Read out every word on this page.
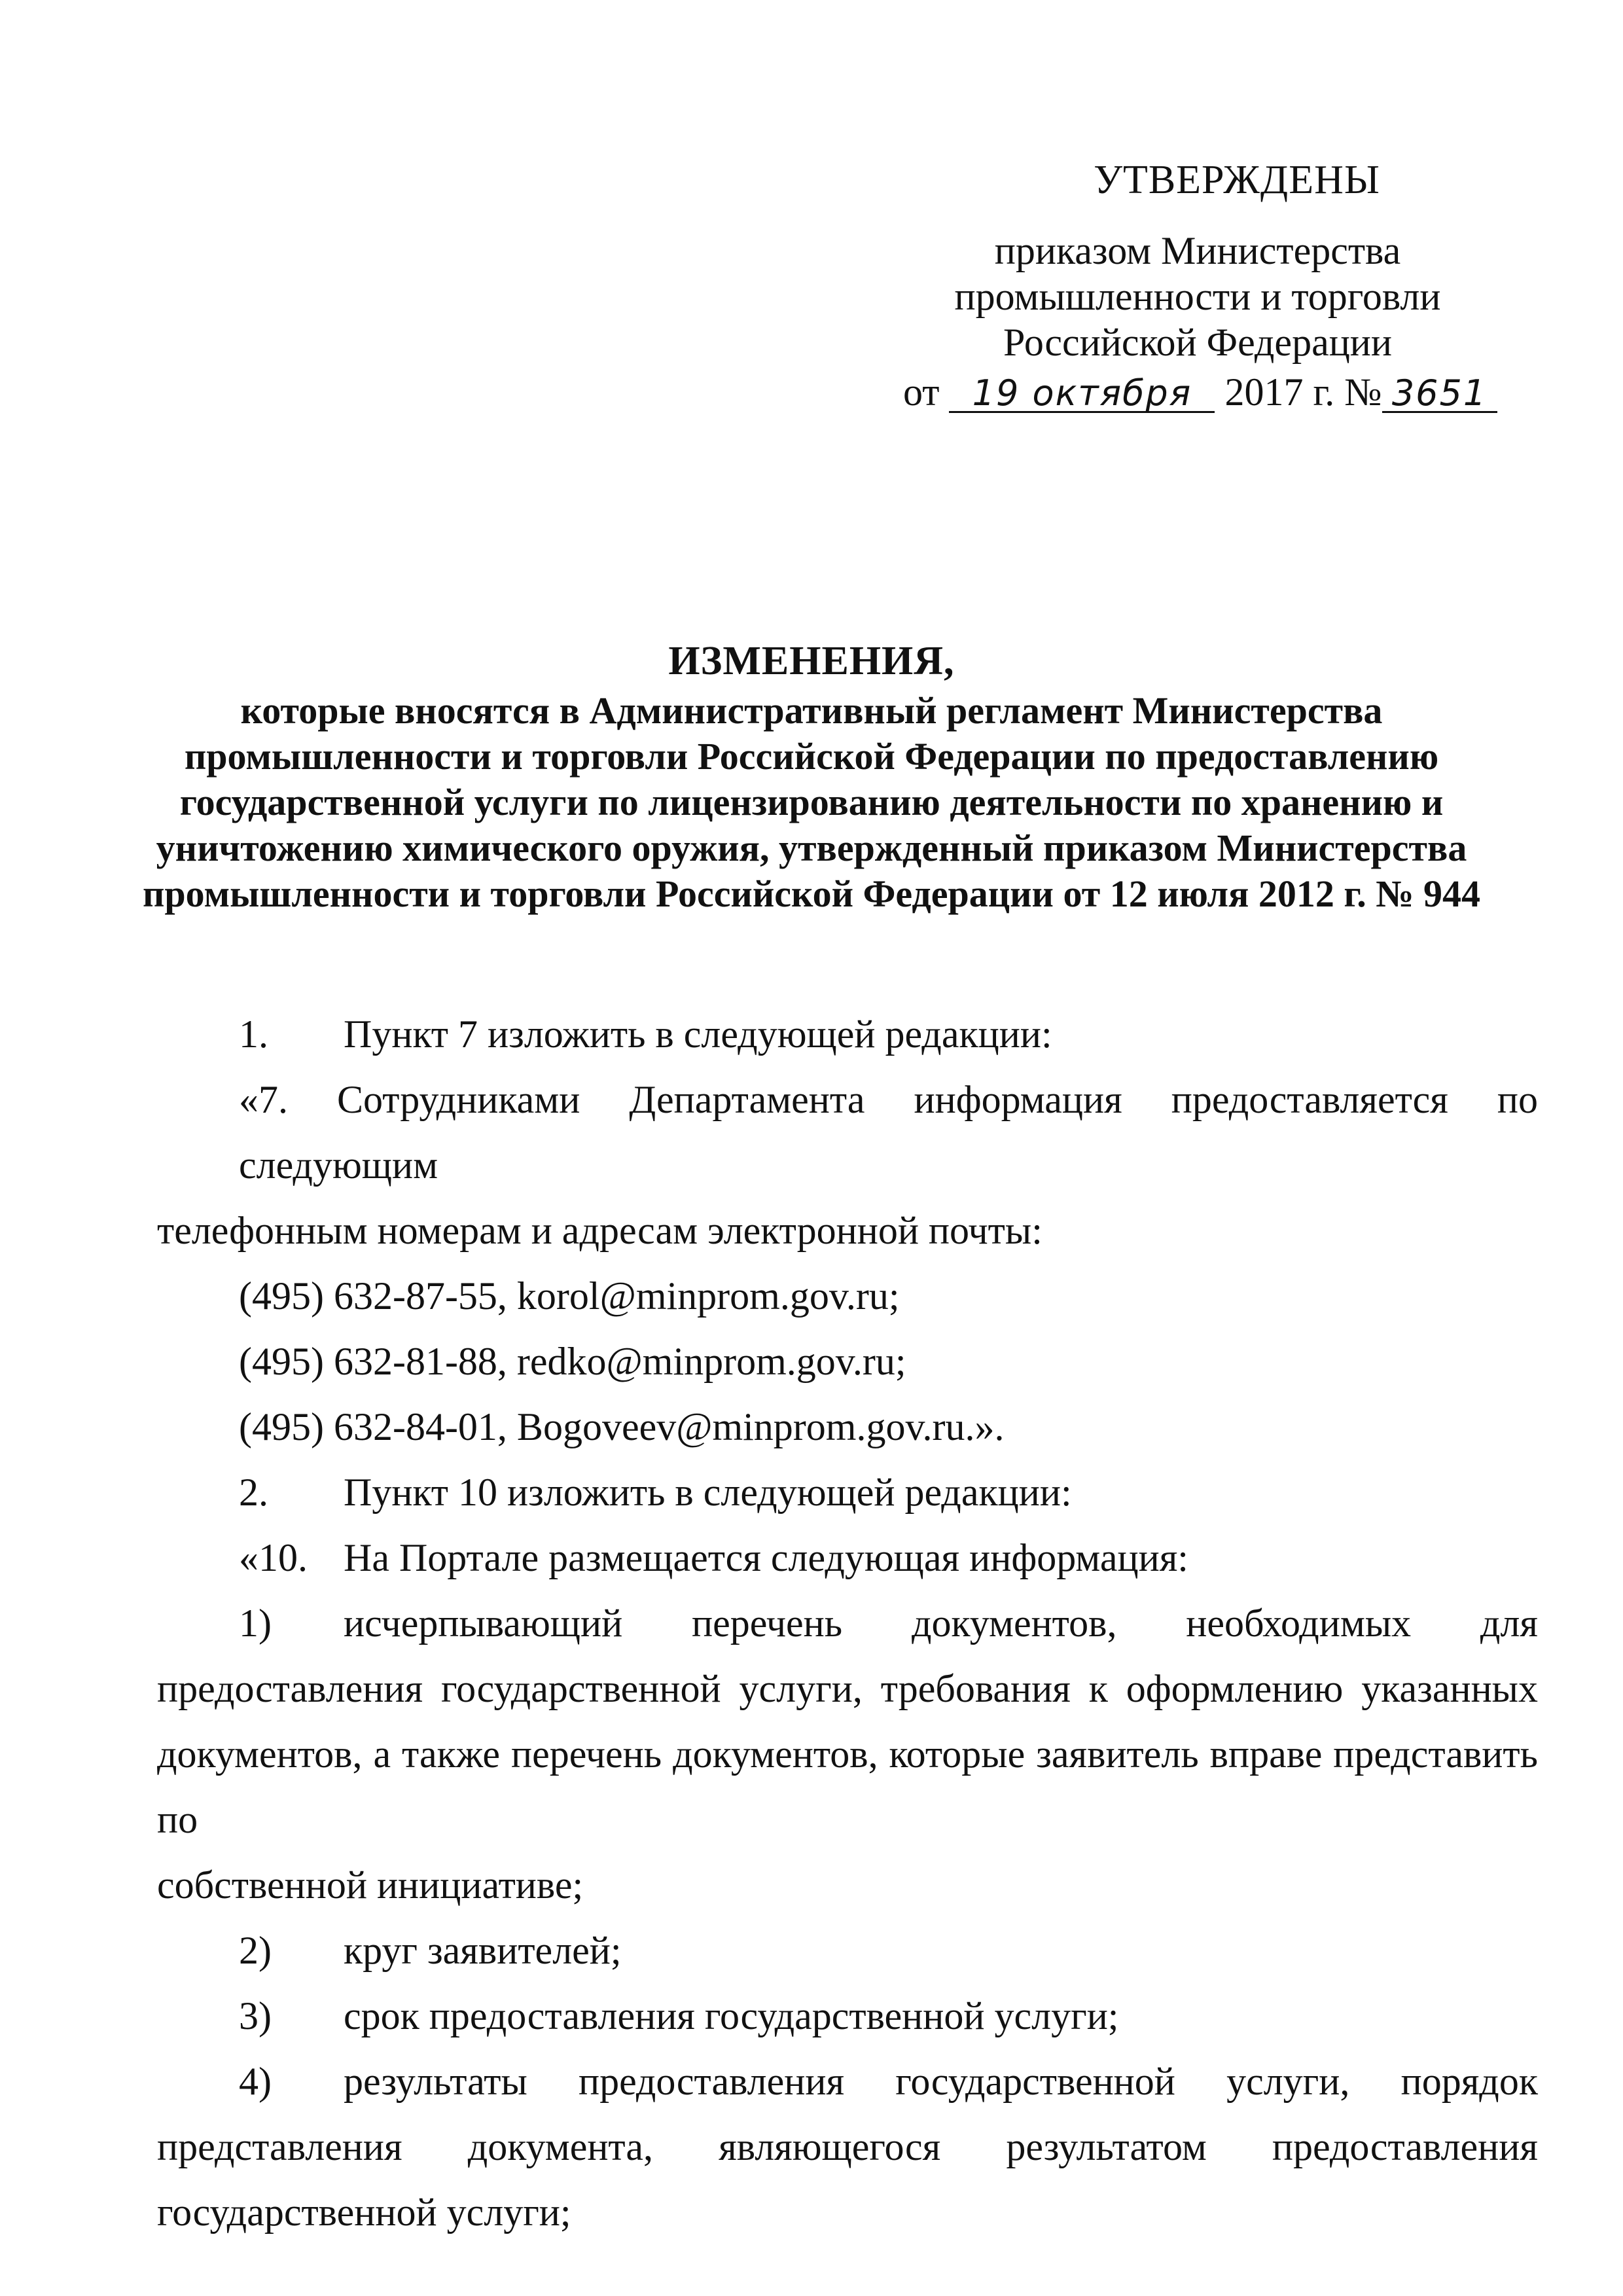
УТВЕРЖДЕНЫ
приказом Министерства
промышленности и торговли
Российской Федерации
от 19 октября 2017 г. № 3651
ИЗМЕНЕНИЯ,
которые вносятся в Административный регламент Министерства
промышленности и торговли Российской Федерации по предоставлению
государственной услуги по лицензированию деятельности по хранению и
уничтожению химического оружия, утвержденный приказом Министерства
промышленности и торговли Российской Федерации от 12 июля 2012 г. № 944
1.	Пункт 7 изложить в следующей редакции:
«7. Сотрудниками Департамента информация предоставляется по следующим
телефонным номерам и адресам электронной почты:
(495) 632-87-55, korol@minprom.gov.ru;
(495) 632-81-88, redko@minprom.gov.ru;
(495) 632-84-01, Bogoveev@minprom.gov.ru.».
2.	Пункт 10 изложить в следующей редакции:
«10. На Портале размещается следующая информация:
1)	исчерпывающий перечень документов, необходимых для
предоставления государственной услуги, требования к оформлению указанных
документов, а также перечень документов, которые заявитель вправе представить по
собственной инициативе;
2)	круг заявителей;
3)	срок предоставления государственной услуги;
4)	результаты предоставления государственной услуги, порядок
представления документа, являющегося результатом предоставления
государственной услуги;
